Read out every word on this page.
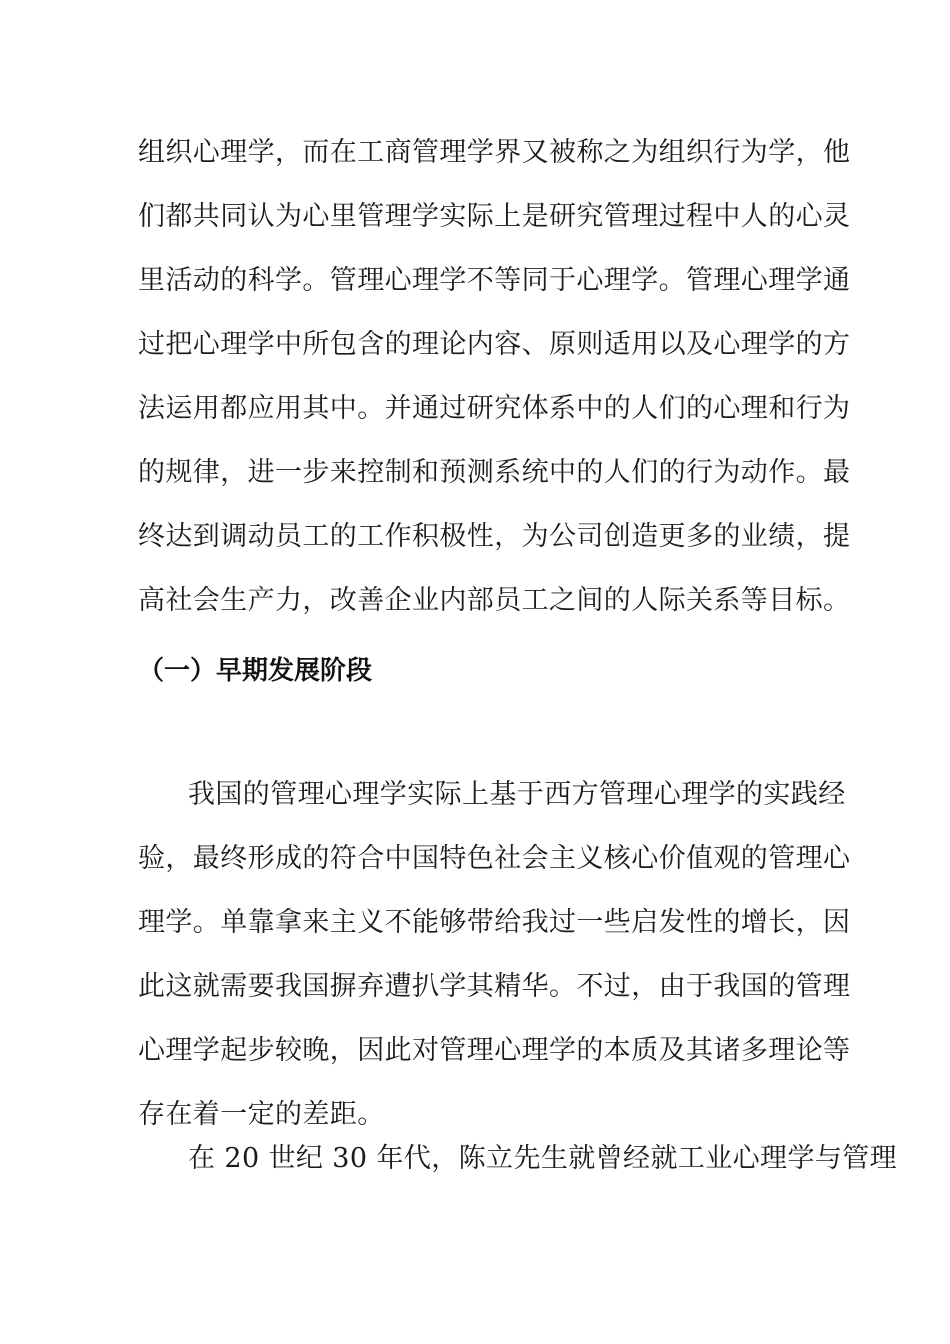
组织心理学，而在工商管理学界又被称之为组织行为学，他
们都共同认为心里管理学实际上是研究管理过程中人的心灵
里活动的科学。管理心理学不等同于心理学。管理心理学通
过把心理学中所包含的理论内容、原则适用以及心理学的方
法运用都应用其中。并通过研究体系中的人们的心理和行为
的规律，进一步来控制和预测系统中的人们的行为动作。最
终达到调动员工的工作积极性，为公司创造更多的业绩，提
高社会生产力，改善企业内部员工之间的人际关系等目标。
（一）早期发展阶段
我国的管理心理学实际上基于西方管理心理学的实践经
验，最终形成的符合中国特色社会主义核心价值观的管理心
理学。单靠拿来主义不能够带给我过一些启发性的增长，因
此这就需要我国摒弃遭扒学其精华。不过，由于我国的管理
心理学起步较晚，因此对管理心理学的本质及其诸多理论等
存在着一定的差距。
在 20 世纪 30 年代，陈立先生就曾经就工业心理学与管理
